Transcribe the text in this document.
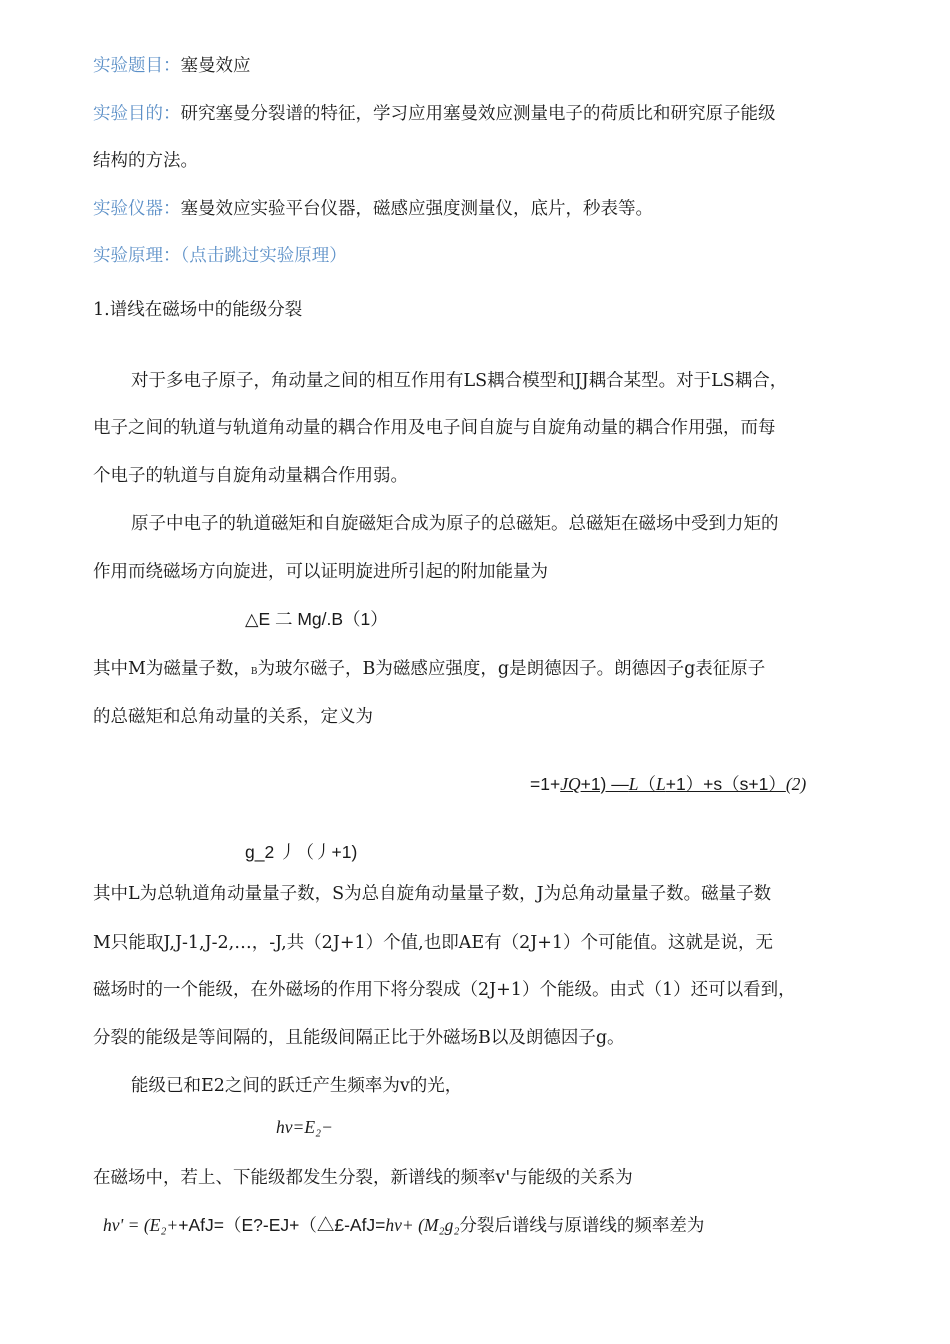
实验题目：塞曼效应
实验目的：研究塞曼分裂谱的特征，学习应用塞曼效应测量电子的荷质比和研究原子能级
结构的方法。
实验仪器：塞曼效应实验平台仪器，磁感应强度测量仪，底片，秒表等。
实验原理：（点击跳过实验原理）
1.谱线在磁场中的能级分裂
对于多电子原子，角动量之间的相互作用有LS耦合模型和JJ耦合某型。对于LS耦合，
电子之间的轨道与轨道角动量的耦合作用及电子间自旋与自旋角动量的耦合作用强，而每
个电子的轨道与自旋角动量耦合作用弱。
原子中电子的轨道磁矩和自旋磁矩合成为原子的总磁矩。总磁矩在磁场中受到力矩的
作用而绕磁场方向旋进，可以证明旋进所引起的附加能量为
△E 二 Mg/.B（1）
其中M为磁量子数，B为玻尔磁子，B为磁感应强度，g是朗德因子。朗德因子g表征原子
的总磁矩和总角动量的关系，定义为
=1+JQ+1) —L（L+1）+s（s+1）(2)
g_2 丿（丿+1)
其中L为总轨道角动量量子数，S为总自旋角动量量子数，J为总角动量量子数。磁量子数
M只能取J,J-1,J-2,…，-J,共（2J+1）个值,也即AE有（2J+1）个可能值。这就是说，无
磁场时的一个能级，在外磁场的作用下将分裂成（2J+1）个能级。由式（1）还可以看到，
分裂的能级是等间隔的，且能级间隔正比于外磁场B以及朗德因子g。
能级已和E2之间的跃迁产生频率为v的光，
hv=E₂−
在磁场中，若上、下能级都发生分裂，新谱线的频率v'与能级的关系为
hv' = (E₂++AfJ=（E?-EJ+（△£-AfJ=hv+ (M₂g₂分裂后谱线与原谱线的频率差为
